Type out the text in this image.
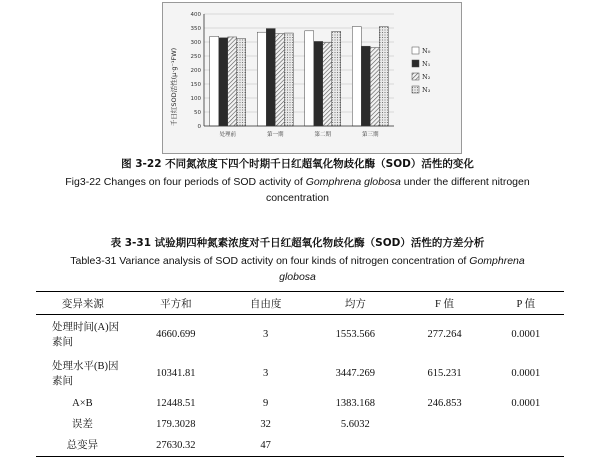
0
50
100
150
200
250
300
350
400
处理前	第一期	第二期	第三期
千日红SOD活性(μ·g⁻¹FW)	N₀
N₁
N₂
N₃
图 3-22 不同氮浓度下四个时期千日红超氧化物歧化酶（SOD）活性的变化
Fig3-22 Changes on four periods of SOD activity of Gomphrena globosa under the different nitrogen
concentration
表 3-31 试验期四种氮素浓度对千日红超氧化物歧化酶（SOD）活性的方差分析
Table3-31 Variance analysis of SOD activity on four kinds of nitrogen concentration of Gomphrena
globosa
变异来源	平方和	自由度	均方	F 值	P 值
处理时间(A)因
素间	4660.699	3	1553.566	277.264	0.0001
处理水平(B)因
素间	10341.81	3	3447.269	615.231	0.0001
A×B	12448.51	9	1383.168	246.853	0.0001
误差	179.3028	32	5.6032		
总变异	27630.32	47			
